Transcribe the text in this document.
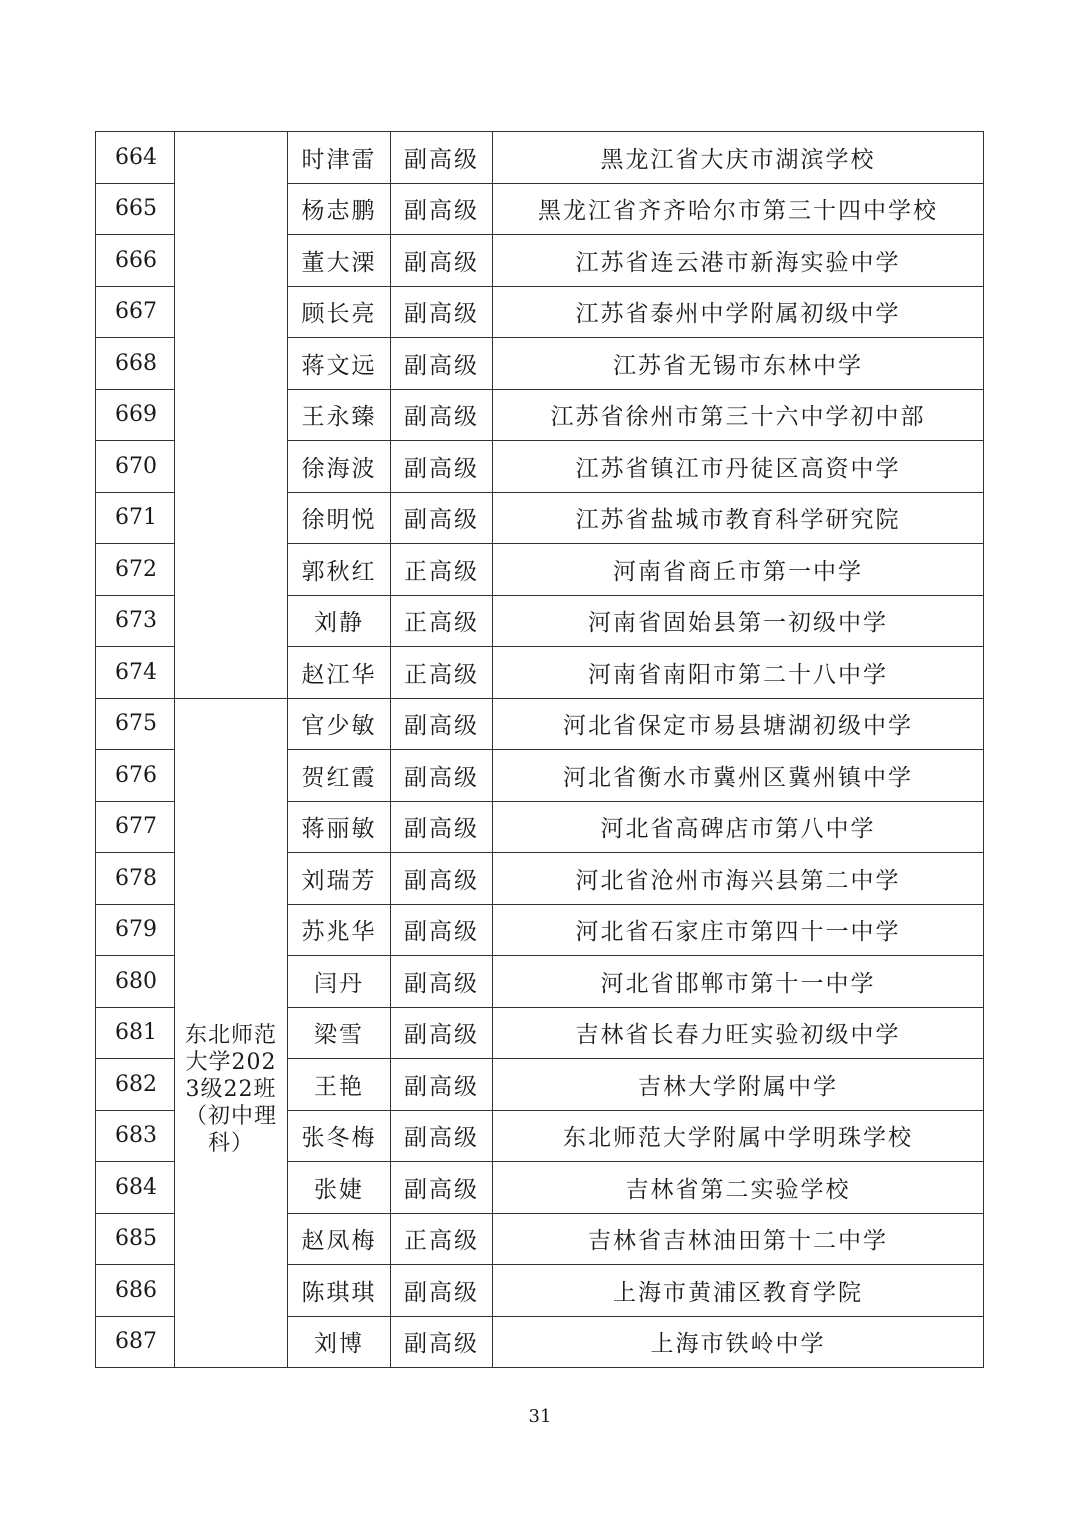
664		时津雷	副高级	黑龙江省大庆市湖滨学校
665		杨志鹏	副高级	黑龙江省齐齐哈尔市第三十四中学校
666		董大溧	副高级	江苏省连云港市新海实验中学
667		顾长亮	副高级	江苏省泰州中学附属初级中学
668		蒋文远	副高级	江苏省无锡市东林中学
669		王永臻	副高级	江苏省徐州市第三十六中学初中部
670		徐海波	副高级	江苏省镇江市丹徒区高资中学
671		徐明悦	副高级	江苏省盐城市教育科学研究院
672		郭秋红	正高级	河南省商丘市第一中学
673		刘静	正高级	河南省固始县第一初级中学
674		赵江华	正高级	河南省南阳市第二十八中学
675	东北师范大学2023级22班（初中理科）	官少敏	副高级	河北省保定市易县塘湖初级中学
676		贺红霞	副高级	河北省衡水市冀州区冀州镇中学
677		蒋丽敏	副高级	河北省高碑店市第八中学
678		刘瑞芳	副高级	河北省沧州市海兴县第二中学
679		苏兆华	副高级	河北省石家庄市第四十一中学
680		闫丹	副高级	河北省邯郸市第十一中学
681		梁雪	副高级	吉林省长春力旺实验初级中学
682		王艳	副高级	吉林大学附属中学
683		张冬梅	副高级	东北师范大学附属中学明珠学校
684		张婕	副高级	吉林省第二实验学校
685		赵凤梅	正高级	吉林省吉林油田第十二中学
686		陈琪琪	副高级	上海市黄浦区教育学院
687		刘博	副高级	上海市铁岭中学
31
